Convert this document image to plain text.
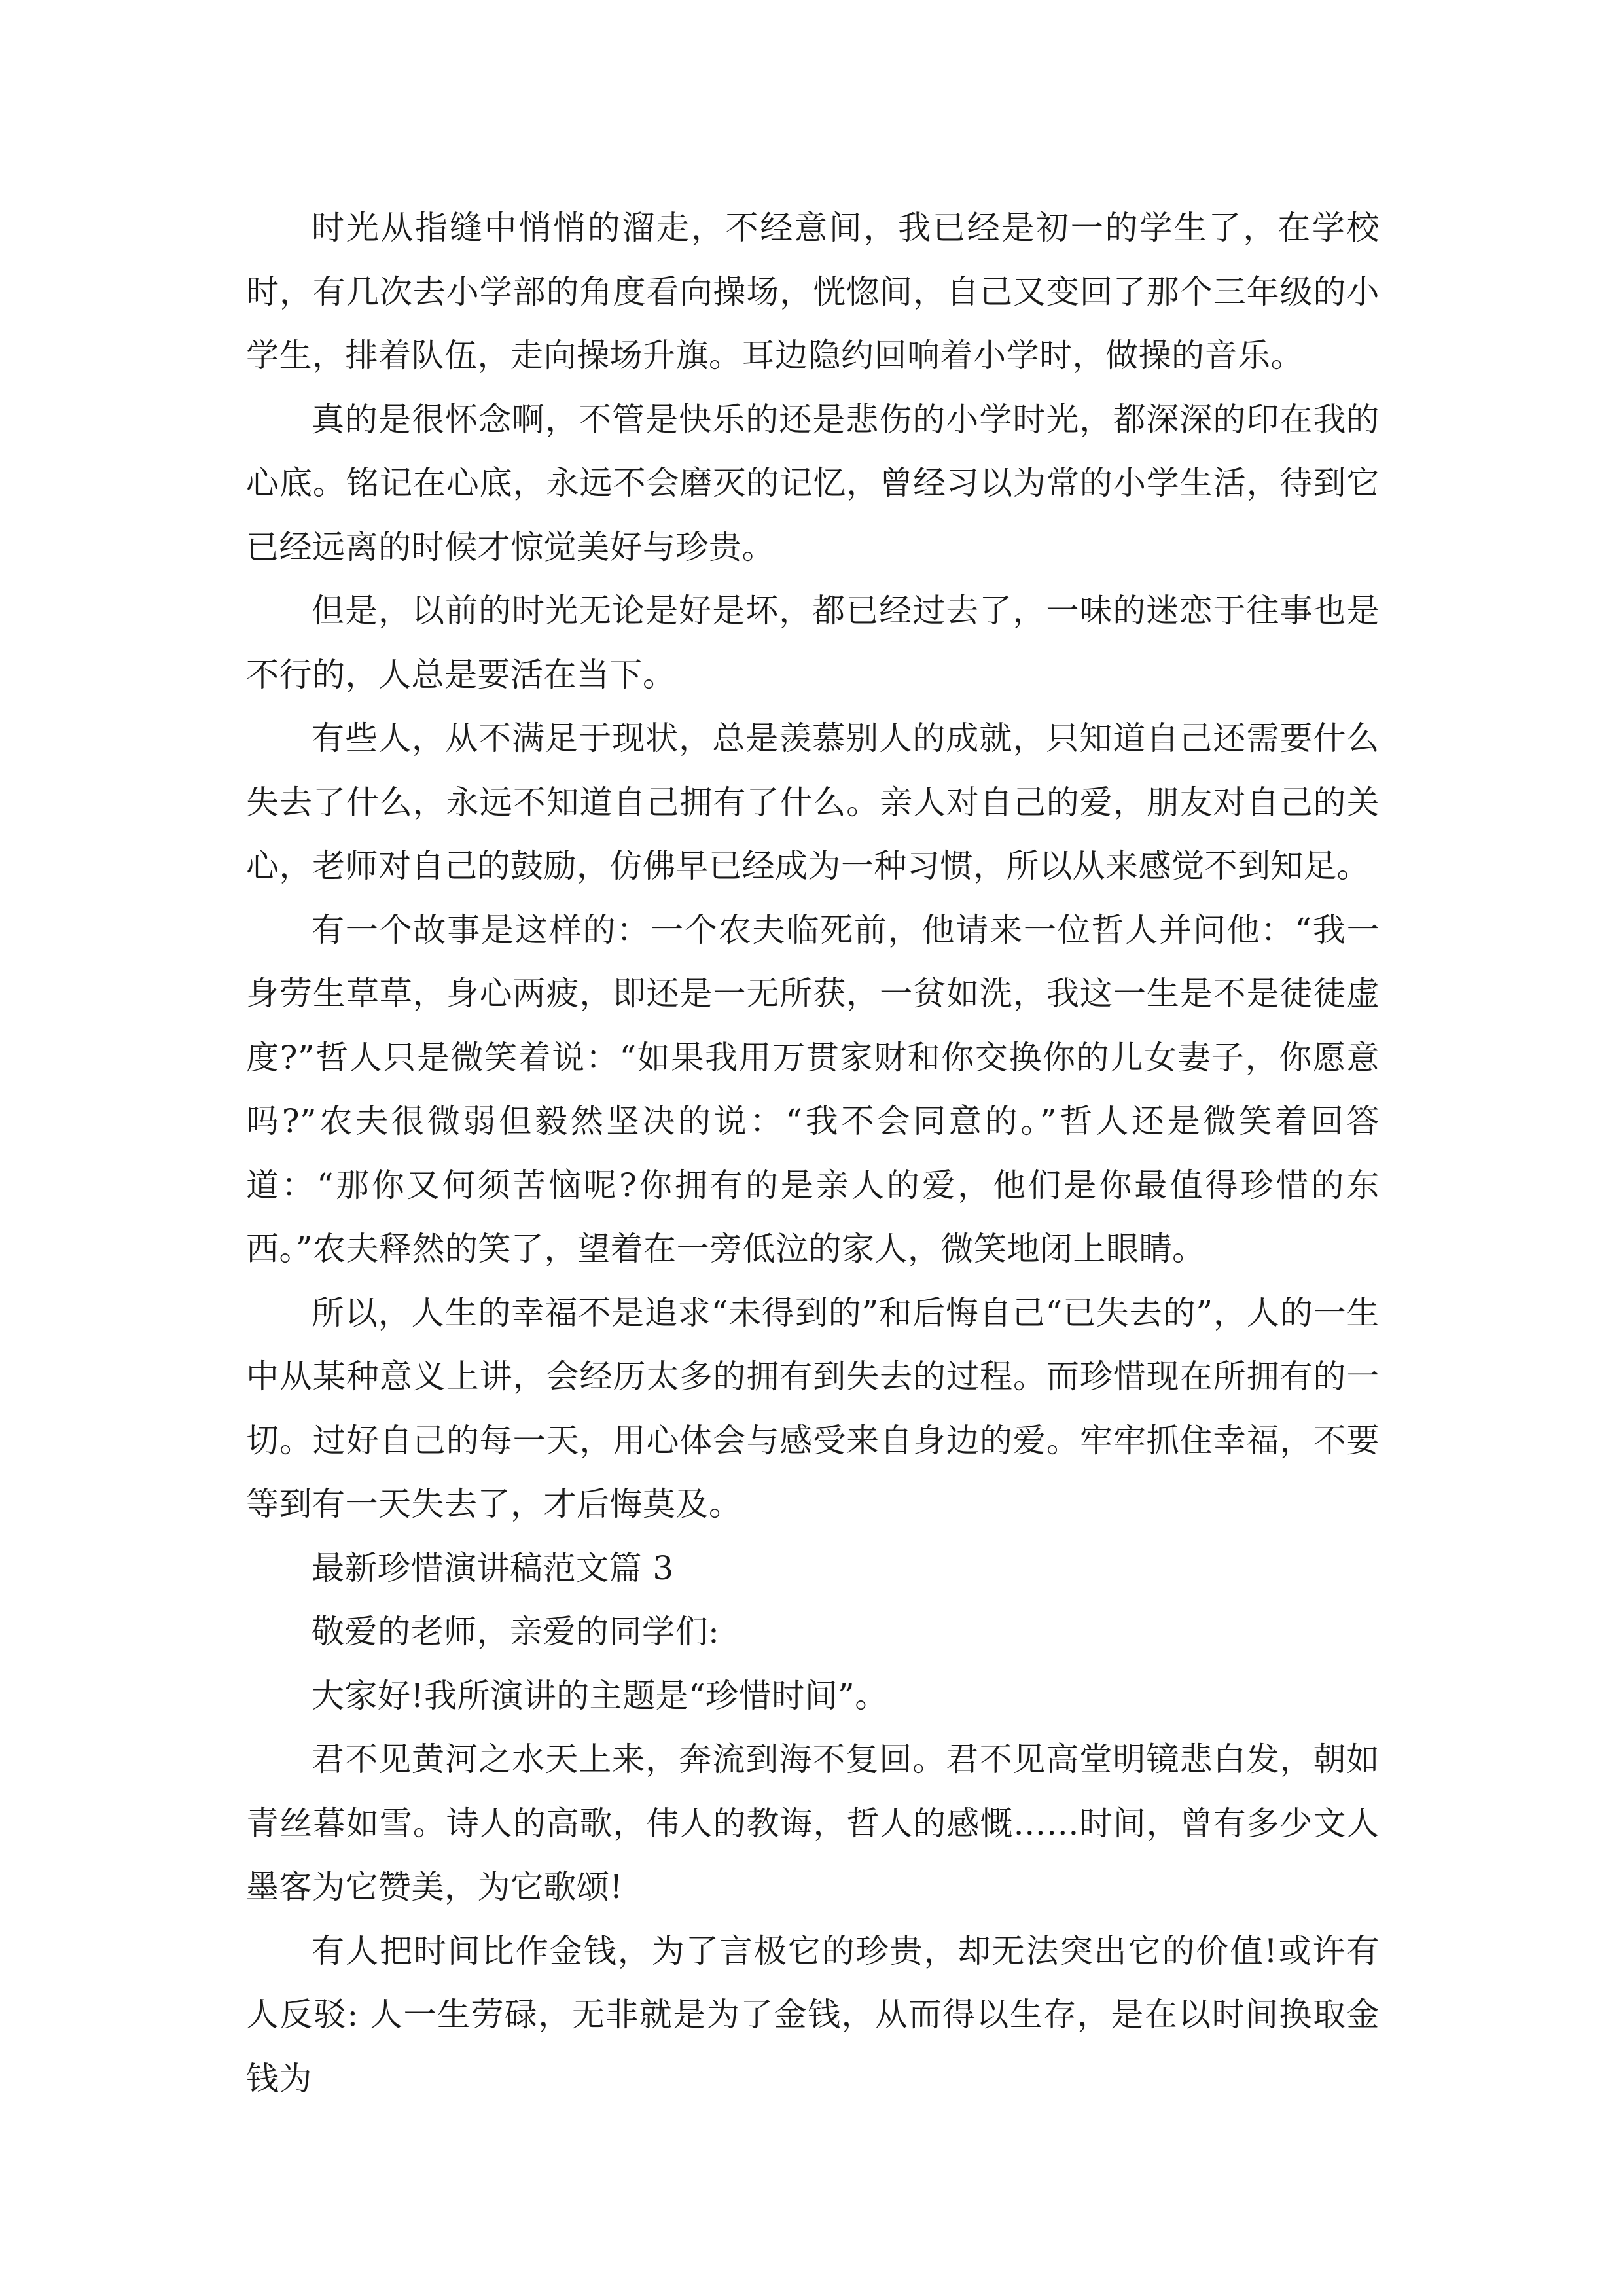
时光从指缝中悄悄的溜走，不经意间，我已经是初一的学生了，在学校时，有几次去小学部的角度看向操场，恍惚间，自己又变回了那个三年级的小学生，排着队伍，走向操场升旗。耳边隐约回响着小学时，做操的音乐。

真的是很怀念啊，不管是快乐的还是悲伤的小学时光，都深深的印在我的心底。铭记在心底，永远不会磨灭的记忆，曾经习以为常的小学生活，待到它已经远离的时候才惊觉美好与珍贵。

但是，以前的时光无论是好是坏，都已经过去了，一味的迷恋于往事也是不行的，人总是要活在当下。

有些人，从不满足于现状，总是羡慕别人的成就，只知道自己还需要什么失去了什么，永远不知道自己拥有了什么。亲人对自己的爱，朋友对自己的关心，老师对自己的鼓励，仿佛早已经成为一种习惯，所以从来感觉不到知足。

有一个故事是这样的：一个农夫临死前，他请来一位哲人并问他：“我一身劳生草草，身心两疲，即还是一无所获，一贫如洗，我这一生是不是徒徒虚度?”哲人只是微笑着说：“如果我用万贯家财和你交换你的儿女妻子，你愿意吗?”农夫很微弱但毅然坚决的说：“我不会同意的。”哲人还是微笑着回答道：“那你又何须苦恼呢?你拥有的是亲人的爱，他们是你最值得珍惜的东西。”农夫释然的笑了，望着在一旁低泣的家人，微笑地闭上眼睛。

所以，人生的幸福不是追求“未得到的”和后悔自己“已失去的”，人的一生中从某种意义上讲，会经历太多的拥有到失去的过程。而珍惜现在所拥有的一切。过好自己的每一天，用心体会与感受来自身边的爱。牢牢抓住幸福，不要等到有一天失去了，才后悔莫及。

最新珍惜演讲稿范文篇 3

敬爱的老师，亲爱的同学们:

大家好!我所演讲的主题是“珍惜时间”。

君不见黄河之水天上来，奔流到海不复回。君不见高堂明镜悲白发，朝如青丝暮如雪。诗人的高歌，伟人的教诲，哲人的感慨……时间，曾有多少文人墨客为它赞美，为它歌颂!

有人把时间比作金钱，为了言极它的珍贵，却无法突出它的价值!或许有人反驳: 人一生劳碌，无非就是为了金钱，从而得以生存，是在以时间换取金钱为
